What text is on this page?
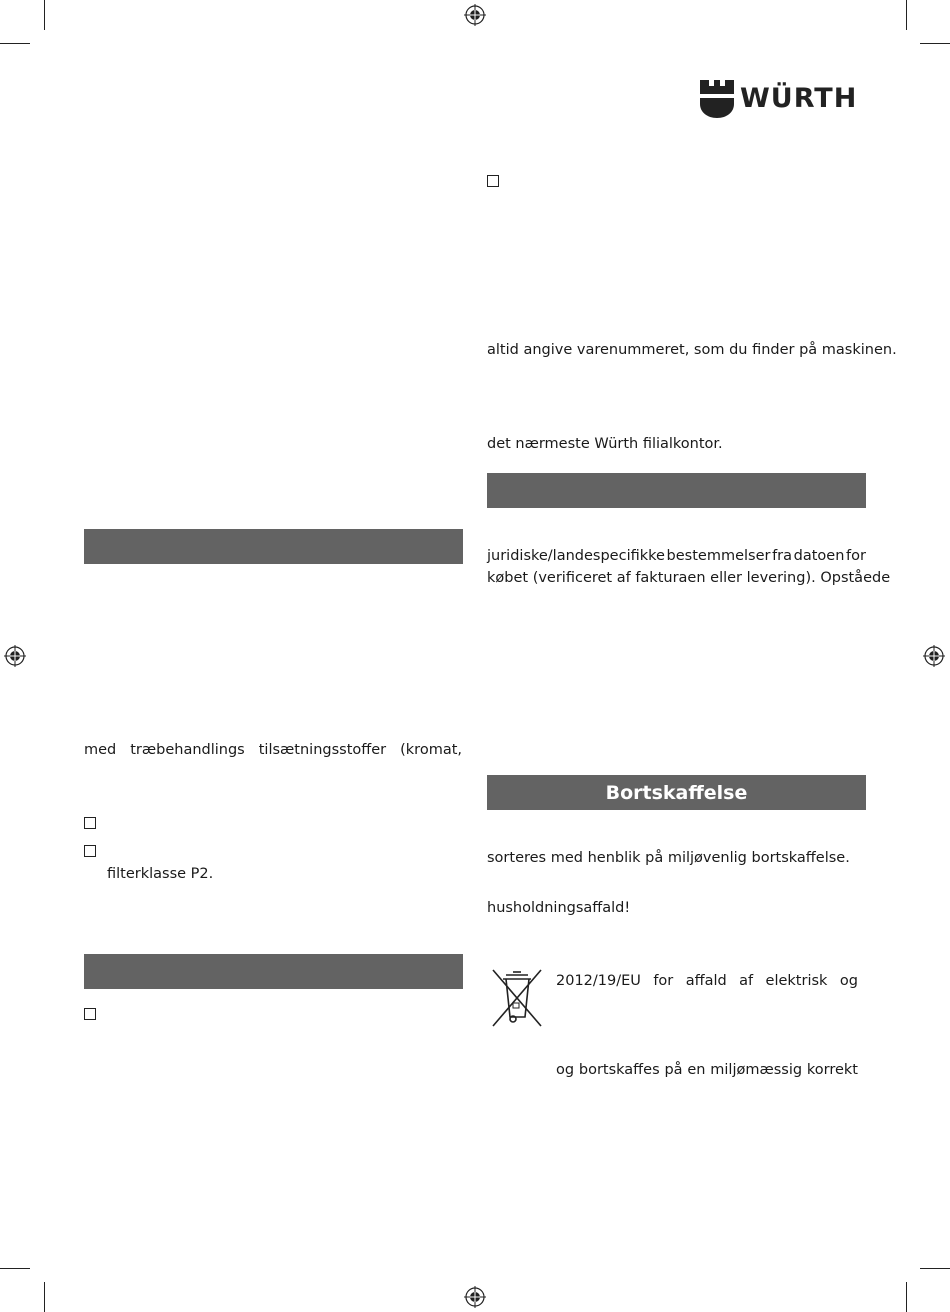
WÜRTH
med træbehandlings tilsætningsstoffer (kromat,
filterklasse P2.
altid angive varenummeret, som du finder på maskinen.
det nærmeste Würth filialkontor.
juridiske/landespecifikke bestemmelser fra datoen for
købet (verificeret af fakturaen eller levering). Opståede
Bortskaffelse
sorteres med henblik på miljøvenlig bortskaffelse.
husholdningsaffald!
2012/19/EU for affald af elektrisk og
og bortskaffes på en miljømæssig korrekt
